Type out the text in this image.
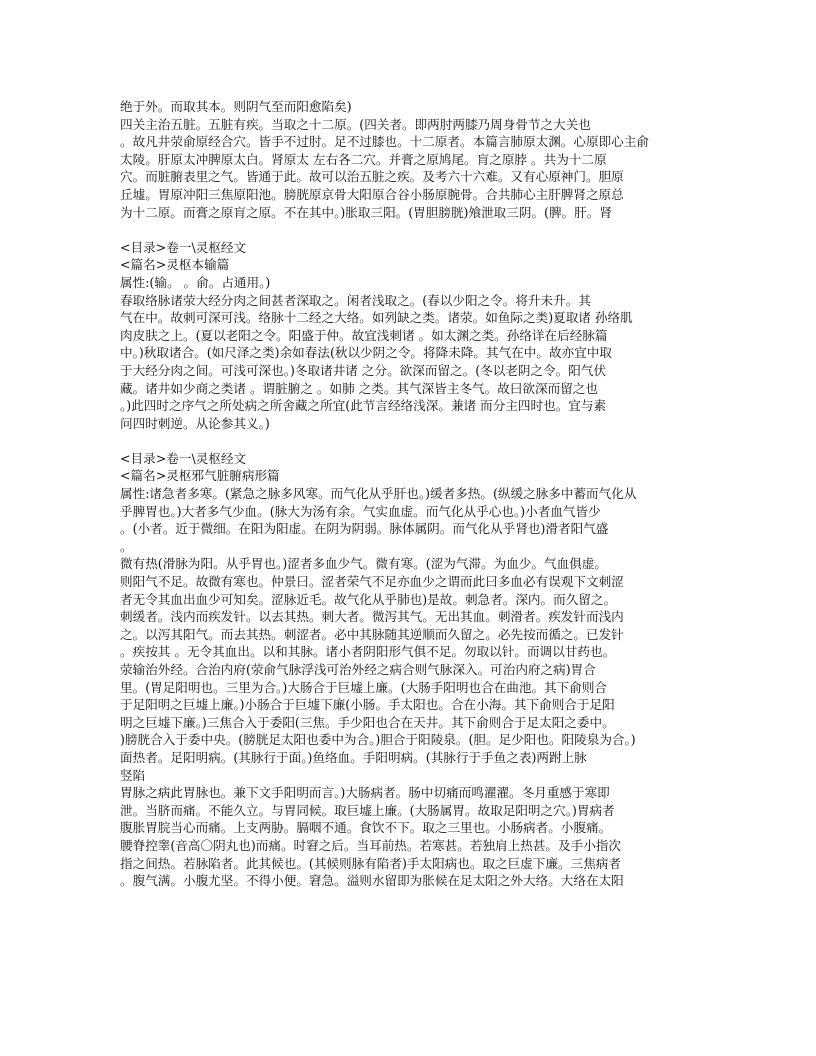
绝于外。而取其本。则阴气至而阳愈陷矣)
四关主治五脏。五脏有疾。当取之十二原。(四关者。即两肘两膝乃周身骨节之大关也
。故凡井荥俞原经合穴。皆手不过肘。足不过膝也。十二原者。本篇言肺原太渊。心原即心主俞
太陵。肝原太冲脾原太白。肾原太 左右各二穴。并膏之原鸠尾。肓之原脖 。共为十二原
穴。而脏腑表里之气。皆通于此。故可以治五脏之疾。及考六十六难。又有心原神门。胆原
丘墟。胃原冲阳三焦原阳池。膀胱原京骨大阳原合谷小肠原腕骨。合共肺心主肝脾肾之原总
为十二原。而膏之原肓之原。不在其中。)胀取三阳。(胃胆膀胱)飧泄取三阴。(脾。肝。肾
<目录>卷一\灵枢经文
<篇名>灵枢本输篇
属性:(输。 。俞。占通用。)
春取络脉诸荥大经分肉之间甚者深取之。闲者浅取之。(春以少阳之令。将升未升。其
气在中。故刺可深可浅。络脉十二经之大络。如列缺之类。诸荥。如鱼际之类)夏取诸 孙络肌
肉皮肤之上。(夏以老阳之令。阳盛于仲。故宜浅刺诸 。如太渊之类。孙络详在后经脉篇
中。)秋取诸合。(如尺泽之类)余如春法(秋以少阴之令。将降未降。其气在中。故亦宜中取
于大经分肉之间。可浅可深也。)冬取诸井诸 之分。欲深而留之。(冬以老阴之令。阳气伏
藏。诸井如少商之类诸 。谓脏腑之 。如肺 之类。其气深皆主冬气。故曰欲深而留之也
。)此四时之序气之所处病之所舍藏之所宜(此节言经络浅深。兼诸 而分主四时也。宜与素
问四时刺逆。从论参其义。)
<目录>卷一\灵枢经文
<篇名>灵枢邪气脏腑病形篇
属性:诸急者多寒。(紧急之脉多风寒。而气化从乎肝也。)缓者多热。(纵缓之脉多中蓄而气化从
乎脾胃也。)大者多气少血。(脉大为汤有余。气实血虚。而气化从乎心也。)小者血气皆少
。(小者。近于微细。在阳为阳虚。在阴为阴弱。脉体属阴。而气化从乎肾也)滑者阳气盛
。
微有热(滑脉为阳。从乎胃也。)涩者多血少气。微有寒。(涩为气滞。为血少。气血俱虚。
则阳气不足。故微有寒也。仲景曰。涩者荣气不足亦血少之谓而此曰多血必有误观下文刺涩
者无令其血出血少可知矣。涩脉近毛。故气化从乎肺也)是故。刺急者。深内。而久留之。
刺缓者。浅内而疾发针。以去其热。刺大者。微泻其气。无出其血。刺滑者。疾发针而浅内
之。以泻其阳气。而去其热。刺涩者。必中其脉随其逆顺而久留之。必先按而循之。已发针
。疾按其 。无令其血出。以和其脉。诸小者阴阳形气俱不足。勿取以针。而调以甘药也。
荥输治外经。合治内府(荥俞气脉浮浅可治外经之病合则气脉深入。可治内府之病)胃合
里。(胃足阳明也。三里为合。)大肠合于巨墟上廉。(大肠手阳明也合在曲池。其下俞则合
于足阳明之巨墟上廉。)小肠合于巨墟下廉(小肠。手太阳也。合在小海。其下俞则合于足阳
明之巨墟下廉。)三焦合入于委阳(三焦。手少阳也合在天井。其下俞则合于足太阳之委中。
)膀胱合入于委中央。(膀胱足太阳也委中为合。)胆合于阳陵泉。(胆。足少阳也。阳陵泉为合。)
面热者。足阳明病。(其脉行于面。)鱼络血。手阳明病。(其脉行于手鱼之表)两跗上脉
竖陷
胃脉之病此胃脉也。兼下文手阳明而言。)大肠病者。肠中切痛而鸣濯濯。冬月重感于寒即
泄。当脐而痛。不能久立。与胃同候。取巨墟上廉。(大肠属胃。故取足阳明之穴。)胃病者
腹胀胃脘当心而痛。上支两胁。膈咽不通。食饮不下。取之三里也。小肠病者。小腹痛。
腰脊控睾(音高〇阴丸也)而痛。时窘之后。当耳前热。若寒甚。若独肩上热甚。及手小指次
指之间热。若脉陷者。此其候也。(其候则脉有陷者)手太阳病也。取之巨虚下廉。三焦病者
。腹气满。小腹尤坚。不得小便。窘急。溢则水留即为胀候在足太阳之外大络。大络在太阳
